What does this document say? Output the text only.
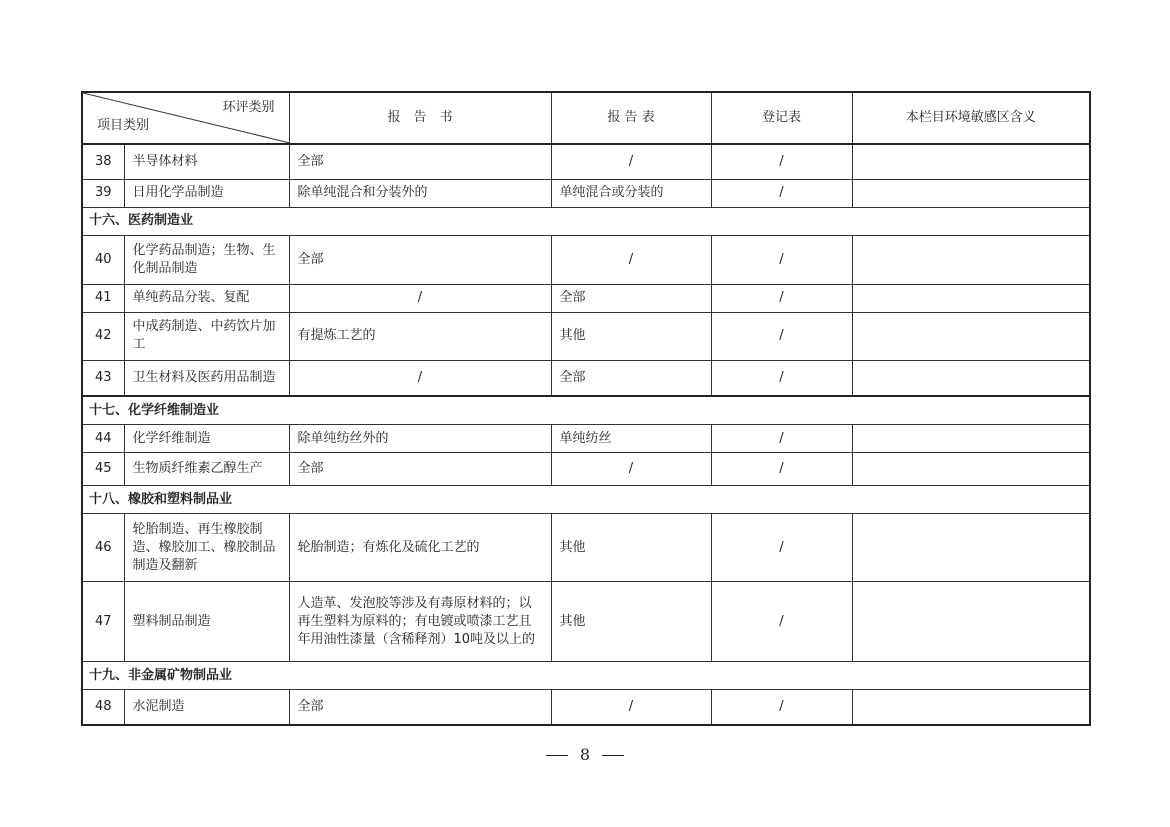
环评类别
项目类别		报　告　书	报 告 表	登记表	本栏目环境敏感区含义
38	半导体材料	全部	/	/	
39	日用化学品制造	除单纯混合和分装外的	单纯混合或分装的	/	
十六、医药制造业					
40	化学药品制造；生物、生化制品制造	全部	/	/	
41	单纯药品分装、复配	/	全部	/	
42	中成药制造、中药饮片加工	有提炼工艺的	其他	/	
43	卫生材料及医药用品制造	/	全部	/	
十七、化学纤维制造业					
44	化学纤维制造	除单纯纺丝外的	单纯纺丝	/	
45	生物质纤维素乙醇生产	全部	/	/	
十八、橡胶和塑料制品业					
46	轮胎制造、再生橡胶制造、橡胶加工、橡胶制品制造及翻新	轮胎制造；有炼化及硫化工艺的	其他	/	
47	塑料制品制造	人造革、发泡胶等涉及有毒原材料的；以再生塑料为原料的；有电镀或喷漆工艺且年用油性漆量（含稀释剂）10吨及以上的	其他	/	
十九、非金属矿物制品业					
48	水泥制造	全部	/	/	
8
